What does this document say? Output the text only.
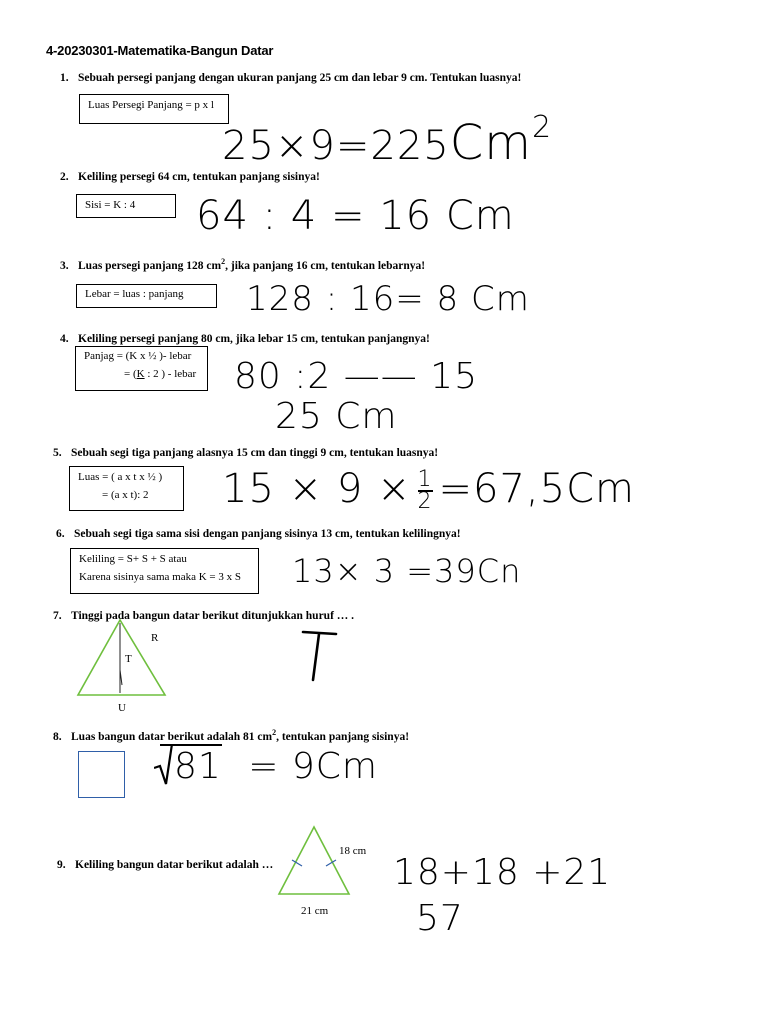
4-20230301-Matematika-Bangun Datar
1. Sebuah persegi panjang dengan ukuran panjang 25 cm dan lebar 9 cm. Tentukan luasnya!
Luas Persegi Panjang = p x l
$25\times 9=225Cm^2$
2. Keliling persegi 64 cm, tentukan panjang sisinya!
Sisi = K : 4	64 : 4 = 16 Cm
3. Luas persegi panjang 128 $cm^2$, jika panjang 16 cm, tentukan lebarnya!
Lebar = luas : panjang	128 : 16= 8 Cm
4. Keliling persegi panjang 80 cm, jika lebar 15 cm, tentukan panjangnya!
Panjag = (K x ½ )- lebar
= (K : 2 ) - lebar 80 :2 —— 15
25 Cm
5. Sebuah segi tiga panjang alasnya 15 cm dan tinggi 9 cm, tentukan luasnya!
Luas = ( a x t x ½ )
= (a x t): 2	$15 \times 9 \times \frac{1}{2} =67,5Cm$
6. Sebuah segi tiga sama sisi dengan panjang sisinya 13 cm, tentukan kelilingnya!
Keliling = S+ S + S atau
Karena sisinya sama maka K = 3 x S 13× 3 =39Cn
7. Tinggi pada bangun datar berikut ditunjukkan huruf … .
R
T
U
8. Luas bangun datar berikut adalah 81 $cm^2$, tentukan panjang sisinya!
81 = 9Cm
9. Keliling bangun datar berikut adalah …
18 cm
21 cm
18+18 +21
57
